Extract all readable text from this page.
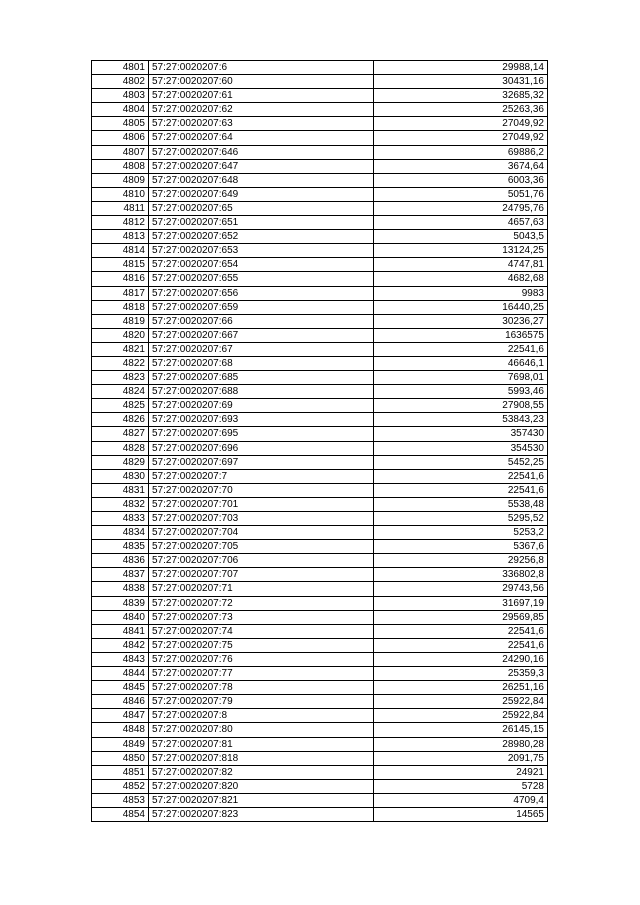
4801	57:27:0020207:6	29988,14
4802	57:27:0020207:60	30431,16
4803	57:27:0020207:61	32685,32
4804	57:27:0020207:62	25263,36
4805	57:27:0020207:63	27049,92
4806	57:27:0020207:64	27049,92
4807	57:27:0020207:646	69886,2
4808	57:27:0020207:647	3674,64
4809	57:27:0020207:648	6003,36
4810	57:27:0020207:649	5051,76
4811	57:27:0020207:65	24795,76
4812	57:27:0020207:651	4657,63
4813	57:27:0020207:652	5043,5
4814	57:27:0020207:653	13124,25
4815	57:27:0020207:654	4747,81
4816	57:27:0020207:655	4682,68
4817	57:27:0020207:656	9983
4818	57:27:0020207:659	16440,25
4819	57:27:0020207:66	30236,27
4820	57:27:0020207:667	1636575
4821	57:27:0020207:67	22541,6
4822	57:27:0020207:68	46646,1
4823	57:27:0020207:685	7698,01
4824	57:27:0020207:688	5993,46
4825	57:27:0020207:69	27908,55
4826	57:27:0020207:693	53843,23
4827	57:27:0020207:695	357430
4828	57:27:0020207:696	354530
4829	57:27:0020207:697	5452,25
4830	57:27:0020207:7	22541,6
4831	57:27:0020207:70	22541,6
4832	57:27:0020207:701	5538,48
4833	57:27:0020207:703	5295,52
4834	57:27:0020207:704	5253,2
4835	57:27:0020207:705	5367,6
4836	57:27:0020207:706	29256,8
4837	57:27:0020207:707	336802,8
4838	57:27:0020207:71	29743,56
4839	57:27:0020207:72	31697,19
4840	57:27:0020207:73	29569,85
4841	57:27:0020207:74	22541,6
4842	57:27:0020207:75	22541,6
4843	57:27:0020207:76	24290,16
4844	57:27:0020207:77	25359,3
4845	57:27:0020207:78	26251,16
4846	57:27:0020207:79	25922,84
4847	57:27:0020207:8	25922,84
4848	57:27:0020207:80	26145,15
4849	57:27:0020207:81	28980,28
4850	57:27:0020207:818	2091,75
4851	57:27:0020207:82	24921
4852	57:27:0020207:820	5728
4853	57:27:0020207:821	4709,4
4854	57:27:0020207:823	14565
